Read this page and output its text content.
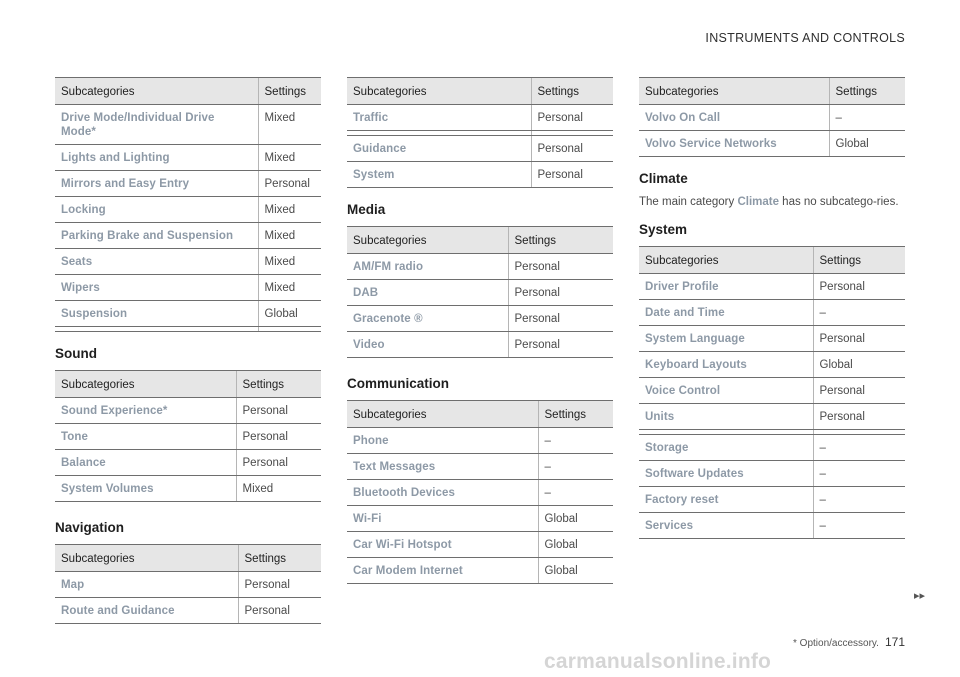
INSTRUMENTS AND CONTROLS
Subcategories	Settings
Drive Mode/Individual Drive Mode*	Mixed
Lights and Lighting	Mixed
Mirrors and Easy Entry	Personal
Locking	Mixed
Parking Brake and Suspension	Mixed
Seats	Mixed
Wipers	Mixed
Suspension	Global

Sound
Subcategories	Settings
Sound Experience*	Personal
Tone	Personal
Balance	Personal
System Volumes	Mixed
Navigation
Subcategories	Settings
Map	Personal
Route and Guidance	Personal
Subcategories	Settings
Traffic	Personal

Guidance	Personal
System	Personal
Media
Subcategories	Settings
AM/FM radio	Personal
DAB	Personal
Gracenote ®	Personal
Video	Personal
Communication
Subcategories	Settings
Phone	–
Text Messages	–
Bluetooth Devices	–
Wi-Fi	Global
Car Wi-Fi Hotspot	Global
Car Modem Internet	Global
Subcategories	Settings
Volvo On Call	–
Volvo Service Networks	Global
Climate

The main category Climate has no subcatego-ries.

System
Subcategories	Settings
Driver Profile	Personal
Date and Time	–
System Language	Personal
Keyboard Layouts	Global
Voice Control	Personal
Units	Personal

Storage	–
Software Updates	–
Factory reset	–
Services	–
▸▸
* Option/accessory. 171
carmanualsonline.info
